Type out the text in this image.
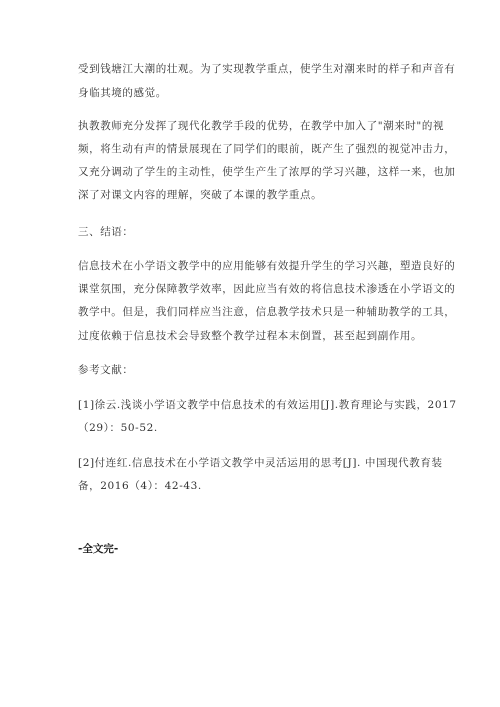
受到钱塘江大潮的壮观。为了实现教学重点，使学生对潮来时的样子和声音有
身临其境的感觉。
执教教师充分发挥了现代化教学手段的优势，在教学中加入了"潮来时"的视
频，将生动有声的情景展现在了同学们的眼前，既产生了强烈的视觉冲击力，
又充分调动了学生的主动性，使学生产生了浓厚的学习兴趣，这样一来，也加
深了对课文内容的理解，突破了本课的教学重点。
三、结语：
信息技术在小学语文教学中的应用能够有效提升学生的学习兴趣，塑造良好的
课堂氛围，充分保障教学效率，因此应当有效的将信息技术渗透在小学语文的
教学中。但是，我们同样应当注意，信息教学技术只是一种辅助教学的工具，
过度依赖于信息技术会导致整个教学过程本末倒置，甚至起到副作用。
参考文献：
[1]徐云.浅谈小学语文教学中信息技术的有效运用[J].教育理论与实践，2017
（29）：50-52.
[2]付连红.信息技术在小学语文教学中灵活运用的思考[J]. 中国现代教育装
备，2016（4）：42-43.
-全文完-
